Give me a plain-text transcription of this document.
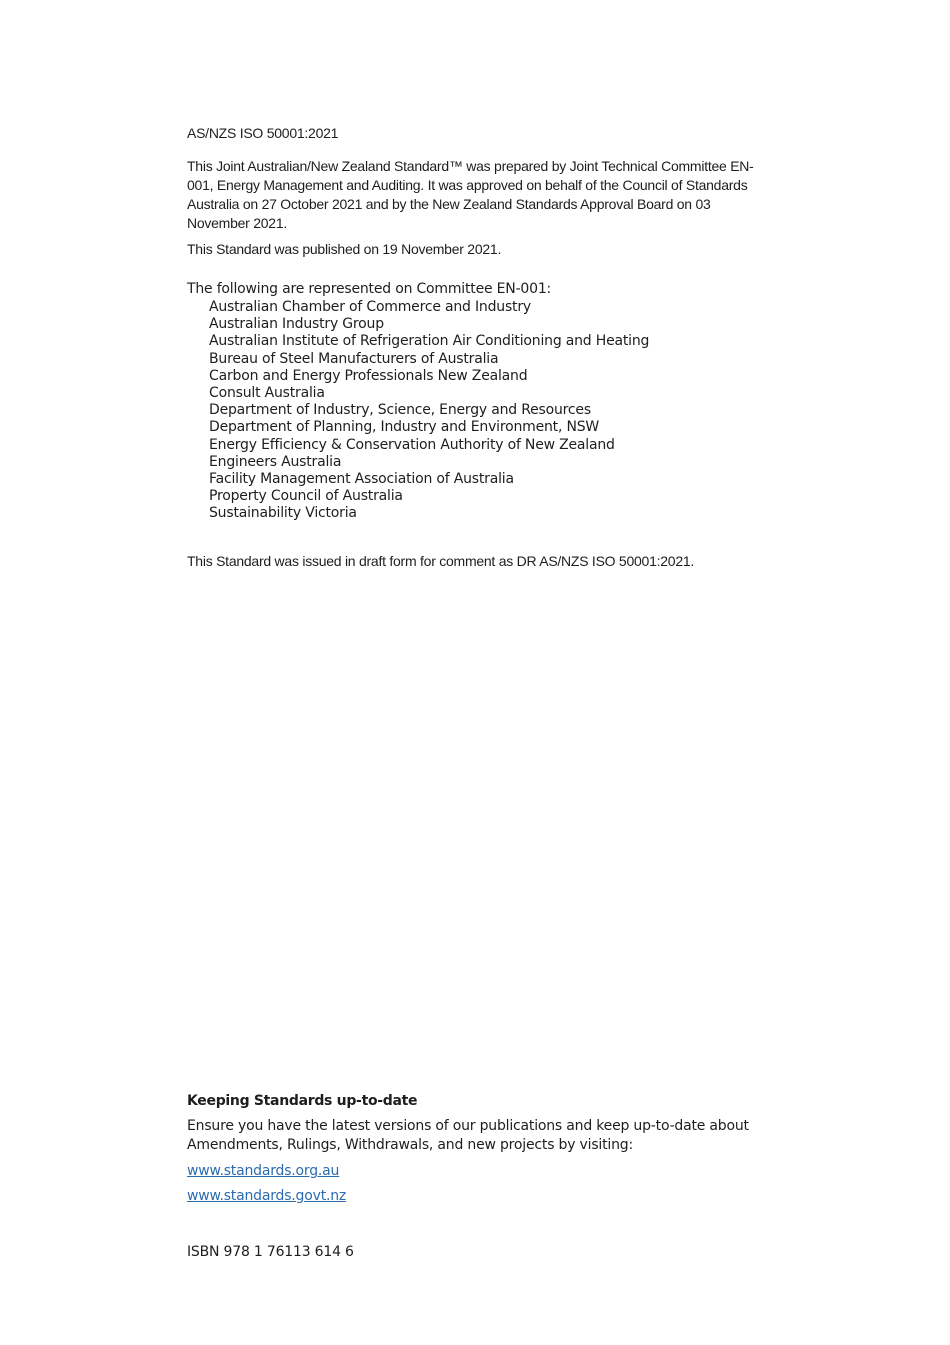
AS/NZS ISO 50001:2021

This Joint Australian/New Zealand Standard™ was prepared by Joint Technical Committee EN-001, Energy Management and Auditing. It was approved on behalf of the Council of Standards Australia on 27 October 2021 and by the New Zealand Standards Approval Board on 03 November 2021.

This Standard was published on 19 November 2021.

The following are represented on Committee EN-001:

Australian Chamber of Commerce and Industry
Australian Industry Group
Australian Institute of Refrigeration Air Conditioning and Heating
Bureau of Steel Manufacturers of Australia
Carbon and Energy Professionals New Zealand
Consult Australia
Department of Industry, Science, Energy and Resources
Department of Planning, Industry and Environment, NSW
Energy Efficiency & Conservation Authority of New Zealand
Engineers Australia
Facility Management Association of Australia
Property Council of Australia
Sustainability Victoria

This Standard was issued in draft form for comment as DR AS/NZS ISO 50001:2021.

Keeping Standards up-to-date

Ensure you have the latest versions of our publications and keep up-to-date about Amendments, Rulings, Withdrawals, and new projects by visiting:

www.standards.org.au
www.standards.govt.nz

ISBN 978 1 76113 614 6
